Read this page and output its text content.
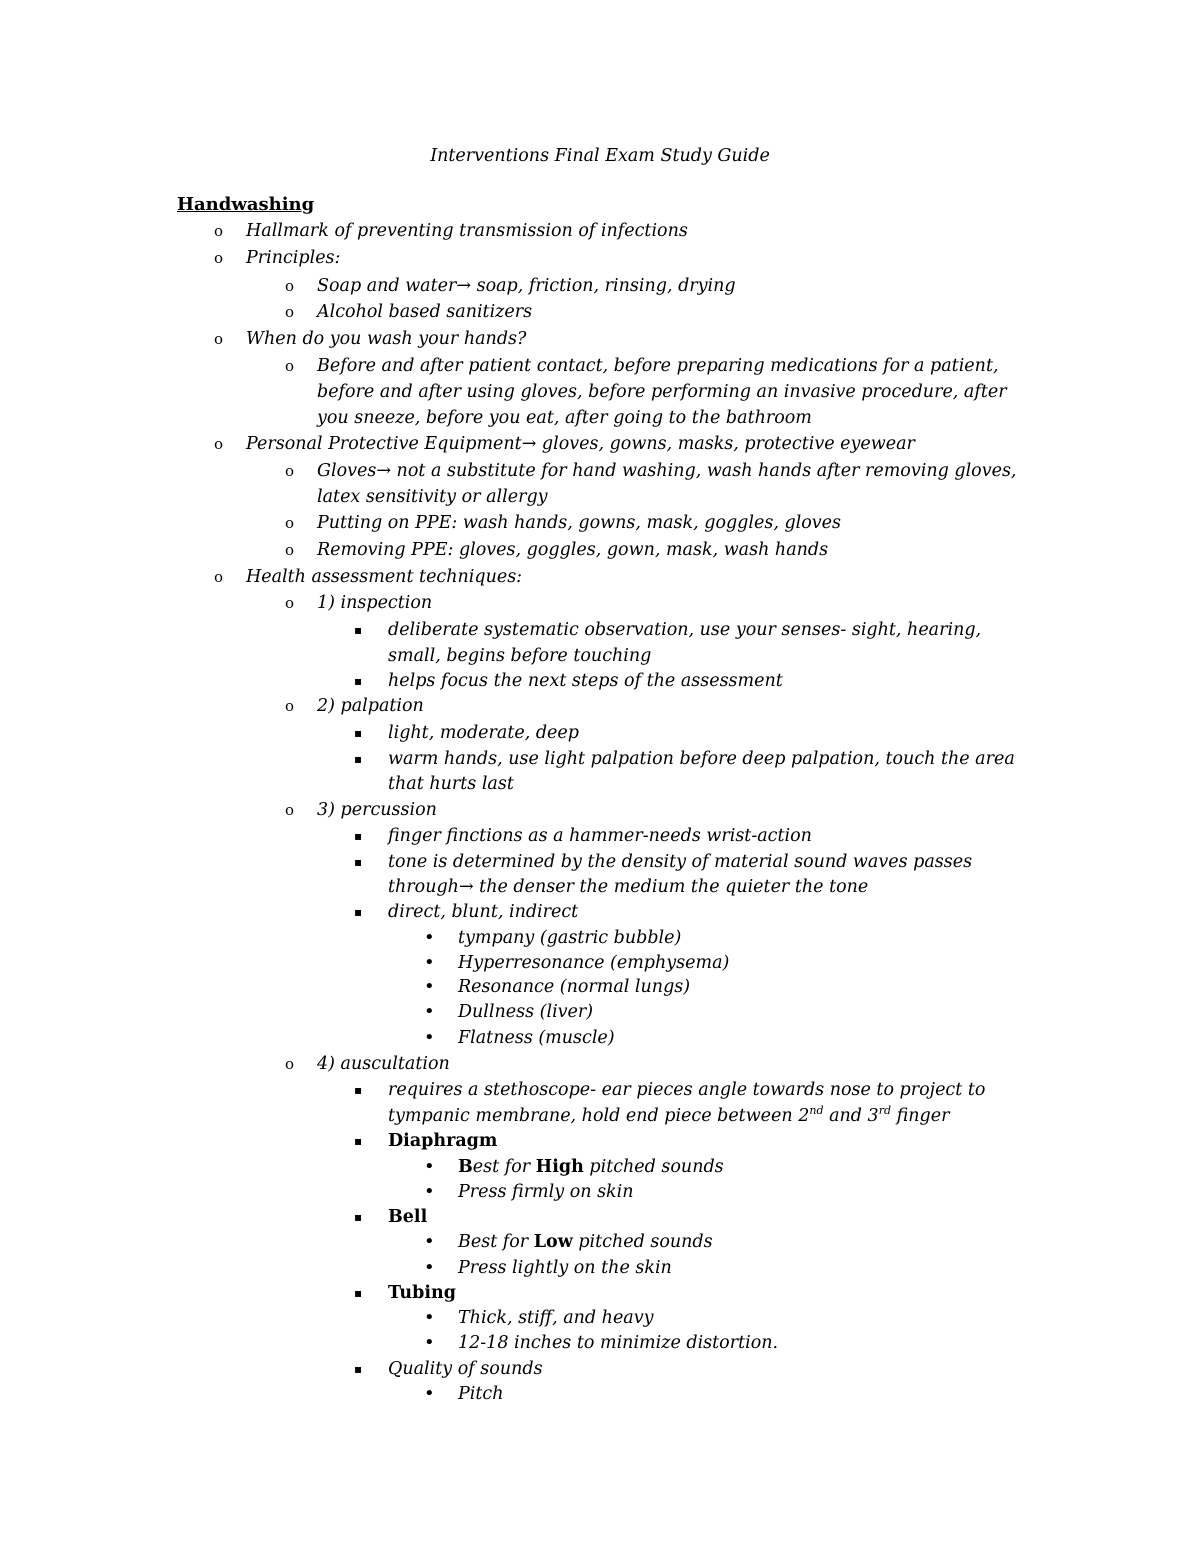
Interventions Final Exam Study Guide
Handwashing
o Hallmark of preventing transmission of infections
o Principles:
o Soap and water→ soap, friction, rinsing, drying
o Alcohol based sanitizers
o When do you wash your hands?
o Before and after patient contact, before preparing medications for a patient,
before and after using gloves, before performing an invasive procedure, after
you sneeze, before you eat, after going to the bathroom
o Personal Protective Equipment→ gloves, gowns, masks, protective eyewear
o Gloves→ not a substitute for hand washing, wash hands after removing gloves,
latex sensitivity or allergy
o Putting on PPE: wash hands, gowns, mask, goggles, gloves
o Removing PPE: gloves, goggles, gown, mask, wash hands
o Health assessment techniques:
o 1) inspection
▪ deliberate systematic observation, use your senses- sight, hearing,
small, begins before touching
▪ helps focus the next steps of the assessment
o 2) palpation
▪ light, moderate, deep
▪ warm hands, use light palpation before deep palpation, touch the area
that hurts last
o 3) percussion
▪ finger finctions as a hammer-needs wrist-action
▪ tone is determined by the density of material sound waves passes
through→ the denser the medium the quieter the tone
▪ direct, blunt, indirect
• tympany (gastric bubble)
• Hyperresonance (emphysema)
• Resonance (normal lungs)
• Dullness (liver)
• Flatness (muscle)
o 4) auscultation
▪ requires a stethoscope- ear pieces angle towards nose to project to
tympanic membrane, hold end piece between 2nd and 3rd finger
▪ Diaphragm
• Best for High pitched sounds
• Press firmly on skin
▪ Bell
• Best for Low pitched sounds
• Press lightly on the skin
▪ Tubing
• Thick, stiff, and heavy
• 12-18 inches to minimize distortion.
▪ Quality of sounds
• Pitch
